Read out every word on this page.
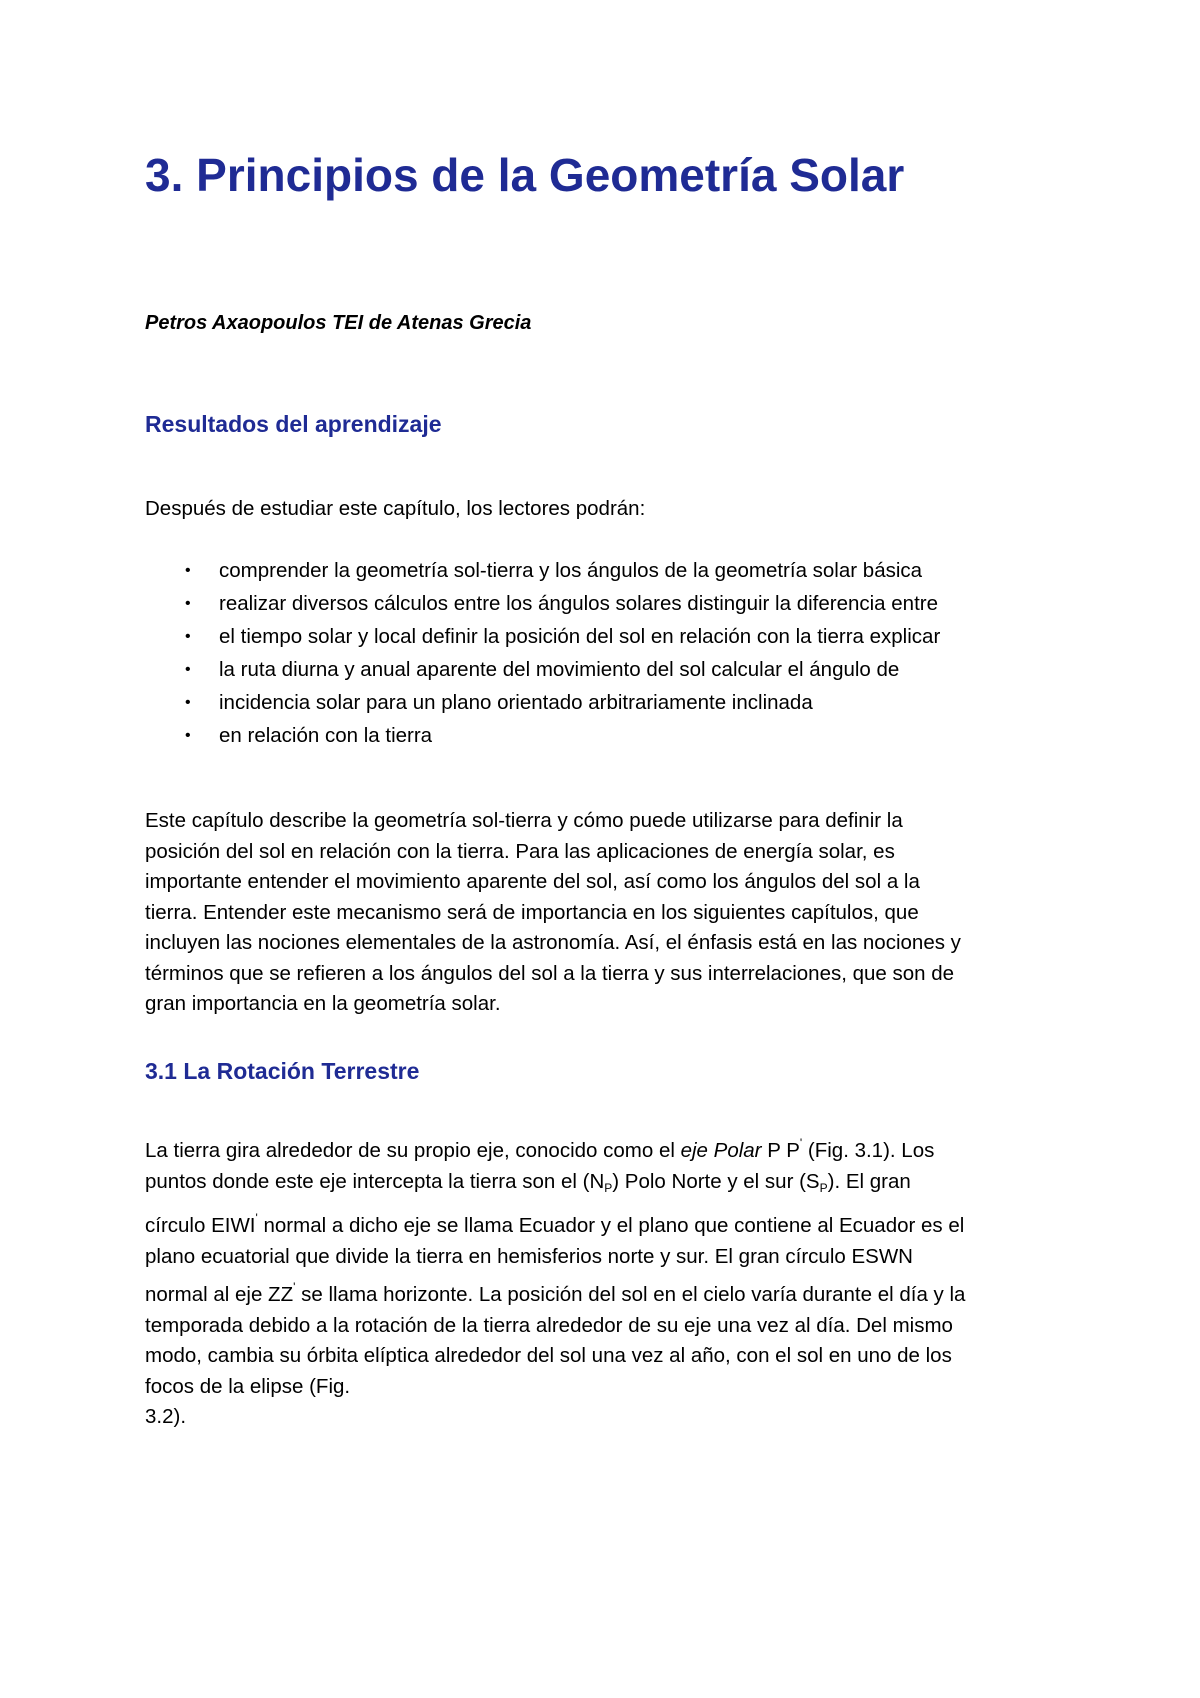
3. Principios de la Geometría Solar

Petros Axaopoulos TEI de Atenas Grecia

Resultados del aprendizaje

Después de estudiar este capítulo, los lectores podrán:

• comprender la geometría sol-tierra y los ángulos de la geometría solar básica
• realizar diversos cálculos entre los ángulos solares distinguir la diferencia entre
• el tiempo solar y local definir la posición del sol en relación con la tierra explicar
• la ruta diurna y anual aparente del movimiento del sol calcular el ángulo de
• incidencia solar para un plano orientado arbitrariamente inclinada
• en relación con la tierra

Este capítulo describe la geometría sol-tierra y cómo puede utilizarse para definir la
posición del sol en relación con la tierra. Para las aplicaciones de energía solar, es
importante entender el movimiento aparente del sol, así como los ángulos del sol a la
tierra. Entender este mecanismo será de importancia en los siguientes capítulos, que
incluyen las nociones elementales de la astronomía. Así, el énfasis está en las nociones y
términos que se refieren a los ángulos del sol a la tierra y sus interrelaciones, que son de
gran importancia en la geometría solar.

3.1 La Rotación Terrestre

La tierra gira alrededor de su propio eje, conocido como el eje Polar P P' (Fig. 3.1). Los
puntos donde este eje intercepta la tierra son el $(N_P)$ Polo Norte y el sur $(S_P)$. El gran
círculo EIWI' normal a dicho eje se llama Ecuador y el plano que contiene al Ecuador es el
plano ecuatorial que divide la tierra en hemisferios norte y sur. El gran círculo ESWN
normal al eje ZZ' se llama horizonte. La posición del sol en el cielo varía durante el día y la
temporada debido a la rotación de la tierra alrededor de su eje una vez al día. Del mismo
modo, cambia su órbita elíptica alrededor del sol una vez al año, con el sol en uno de los
focos de la elipse (Fig.
3.2).
